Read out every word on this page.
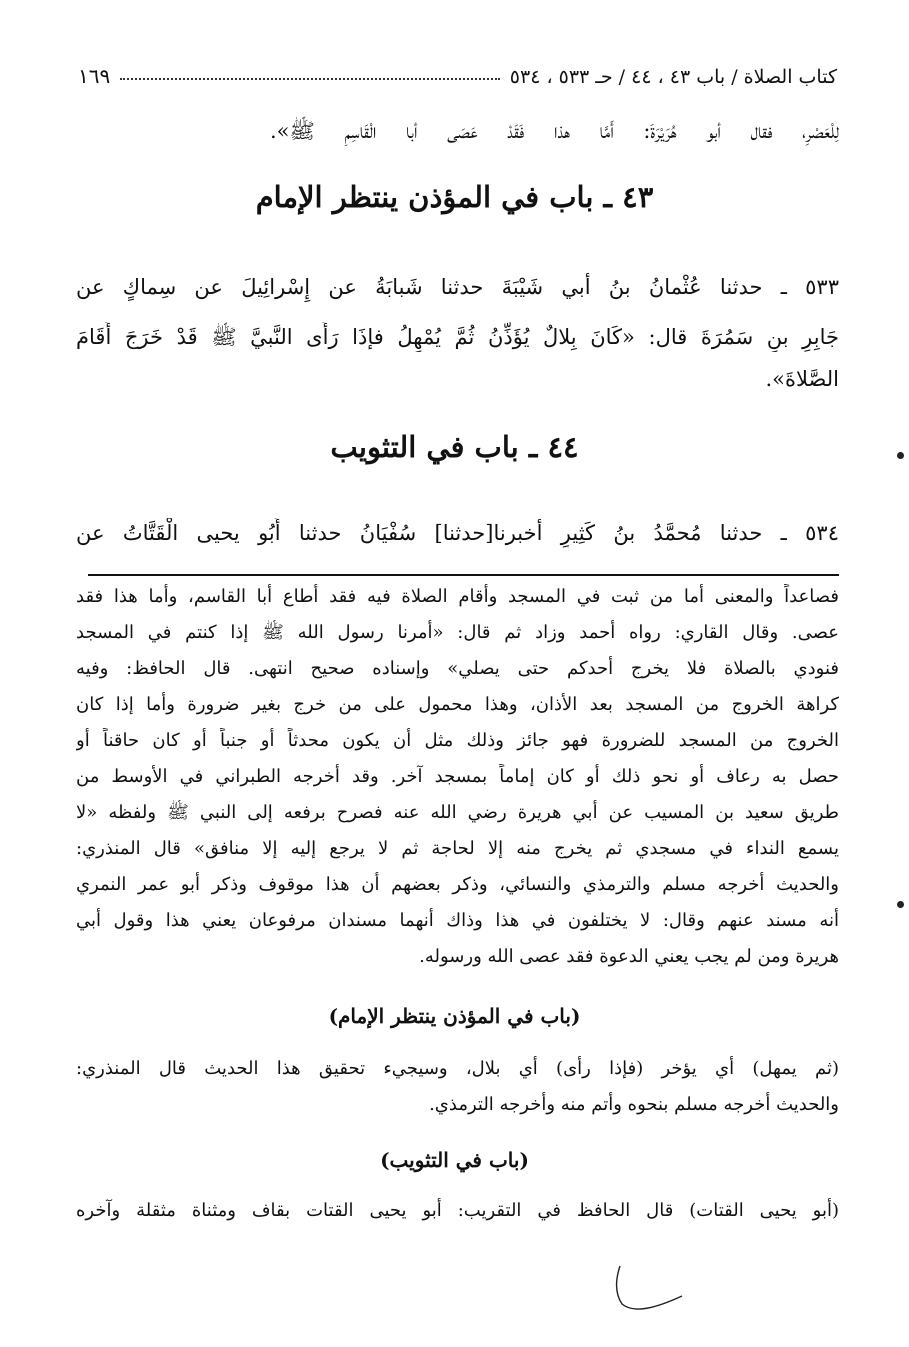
كتاب الصلاة / باب ٤٣ ، ٤٤ / حـ ٥٣٣ ، ٥٣٤
١٦٩
لِلْعَصْرِ، فقال أبو هُرَيْرَةَ: أَمَّا هذا فَقَدْ عَصَى أبا الْقَاسِمِ ﷺ».
٤٣ ـ باب في المؤذن ينتظر الإمام
٥٣٣ ـ حدثنا عُثْمانُ بنُ أبي شَيْبَةَ حدثنا شَبابَةُ عن إِسْرائِيلَ عن سِماكٍ عن
جَابِرِ بنِ سَمُرَةَ قال: «كَانَ بِلالٌ يُؤَذِّنُ ثُمَّ يُمْهِلُ فإذَا رَأَى النَّبيَّ ﷺ قَدْ خَرَجَ أَقَامَ
الصَّلاةَ».
٤٤ ـ باب في التثويب
٥٣٤ ـ حدثنا مُحمَّدُ بنُ كَثِيرٍ أخبرنا[حدثنا] سُفْيَانُ حدثنا أَبُو يحيى الْقَتَّاتُ عن
فصاعداً والمعنى أما من ثبت في المسجد وأقام الصلاة فيه فقد أطاع أبا القاسم، وأما هذا فقد
عصى. وقال القاري: رواه أحمد وزاد ثم قال: «أمرنا رسول الله ﷺ إذا كنتم في المسجد
فنودي بالصلاة فلا يخرج أحدكم حتى يصلي» وإسناده صحيح انتهى. قال الحافظ: وفيه
كراهة الخروج من المسجد بعد الأذان، وهذا محمول على من خرج بغير ضرورة وأما إذا كان
الخروج من المسجد للضرورة فهو جائز وذلك مثل أن يكون محدثاً أو جنباً أو كان حاقناً أو
حصل به رعاف أو نحو ذلك أو كان إماماً بمسجد آخر. وقد أخرجه الطبراني في الأوسط من
طريق سعيد بن المسيب عن أبي هريرة رضي الله عنه فصرح برفعه إلى النبي ﷺ ولفظه «لا
يسمع النداء في مسجدي ثم يخرج منه إلا لحاجة ثم لا يرجع إليه إلا منافق» قال المنذري:
والحديث أخرجه مسلم والترمذي والنسائي، وذكر بعضهم أن هذا موقوف وذكر أبو عمر النمري
أنه مسند عنهم وقال: لا يختلفون في هذا وذاك أنهما مسندان مرفوعان يعني هذا وقول أبي
هريرة ومن لم يجب يعني الدعوة فقد عصى الله ورسوله.
(باب في المؤذن ينتظر الإمام)
(ثم يمهل) أي يؤخر (فإذا رأى) أي بلال، وسيجيء تحقيق هذا الحديث قال المنذري:
والحديث أخرجه مسلم بنحوه وأتم منه وأخرجه الترمذي.
(باب في التثويب)
(أبو يحيى القتات) قال الحافظ في التقريب: أبو يحيى القتات بقاف ومثناة مثقلة وآخره
